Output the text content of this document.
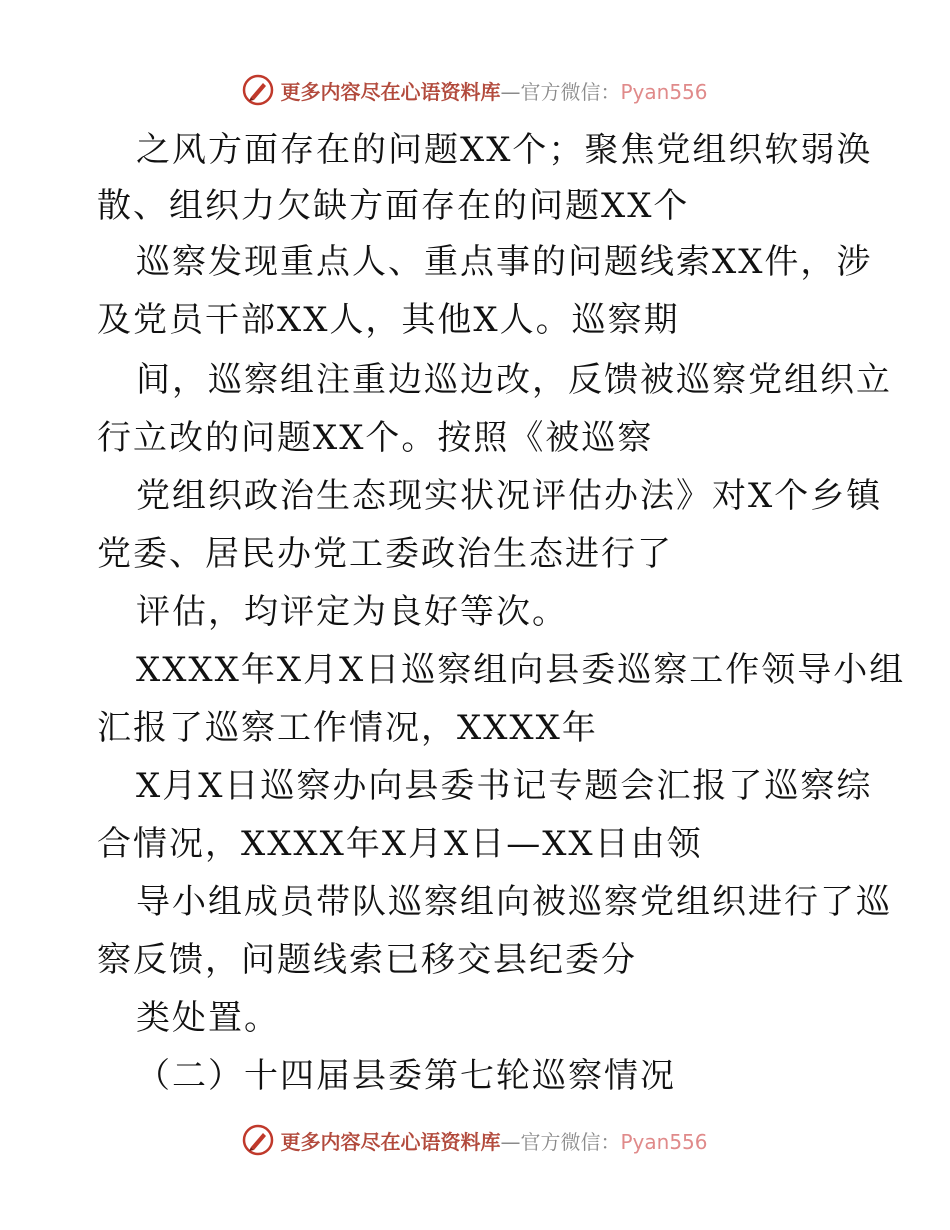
更多内容尽在心语资料库—官方微信：Pyan556
之风方面存在的问题XX个；聚焦党组织软弱涣
散、组织力欠缺方面存在的问题XX个
巡察发现重点人、重点事的问题线索XX件，涉
及党员干部XX人，其他X人。巡察期
间，巡察组注重边巡边改，反馈被巡察党组织立
行立改的问题XX个。按照《被巡察
党组织政治生态现实状况评估办法》对X个乡镇
党委、居民办党工委政治生态进行了
评估，均评定为良好等次。
XXXX年X月X日巡察组向县委巡察工作领导小组
汇报了巡察工作情况，XXXX年
X月X日巡察办向县委书记专题会汇报了巡察综
合情况，XXXX年X月X日—XX日由领
导小组成员带队巡察组向被巡察党组织进行了巡
察反馈，问题线索已移交县纪委分
类处置。
（二）十四届县委第七轮巡察情况
更多内容尽在心语资料库—官方微信：Pyan556
